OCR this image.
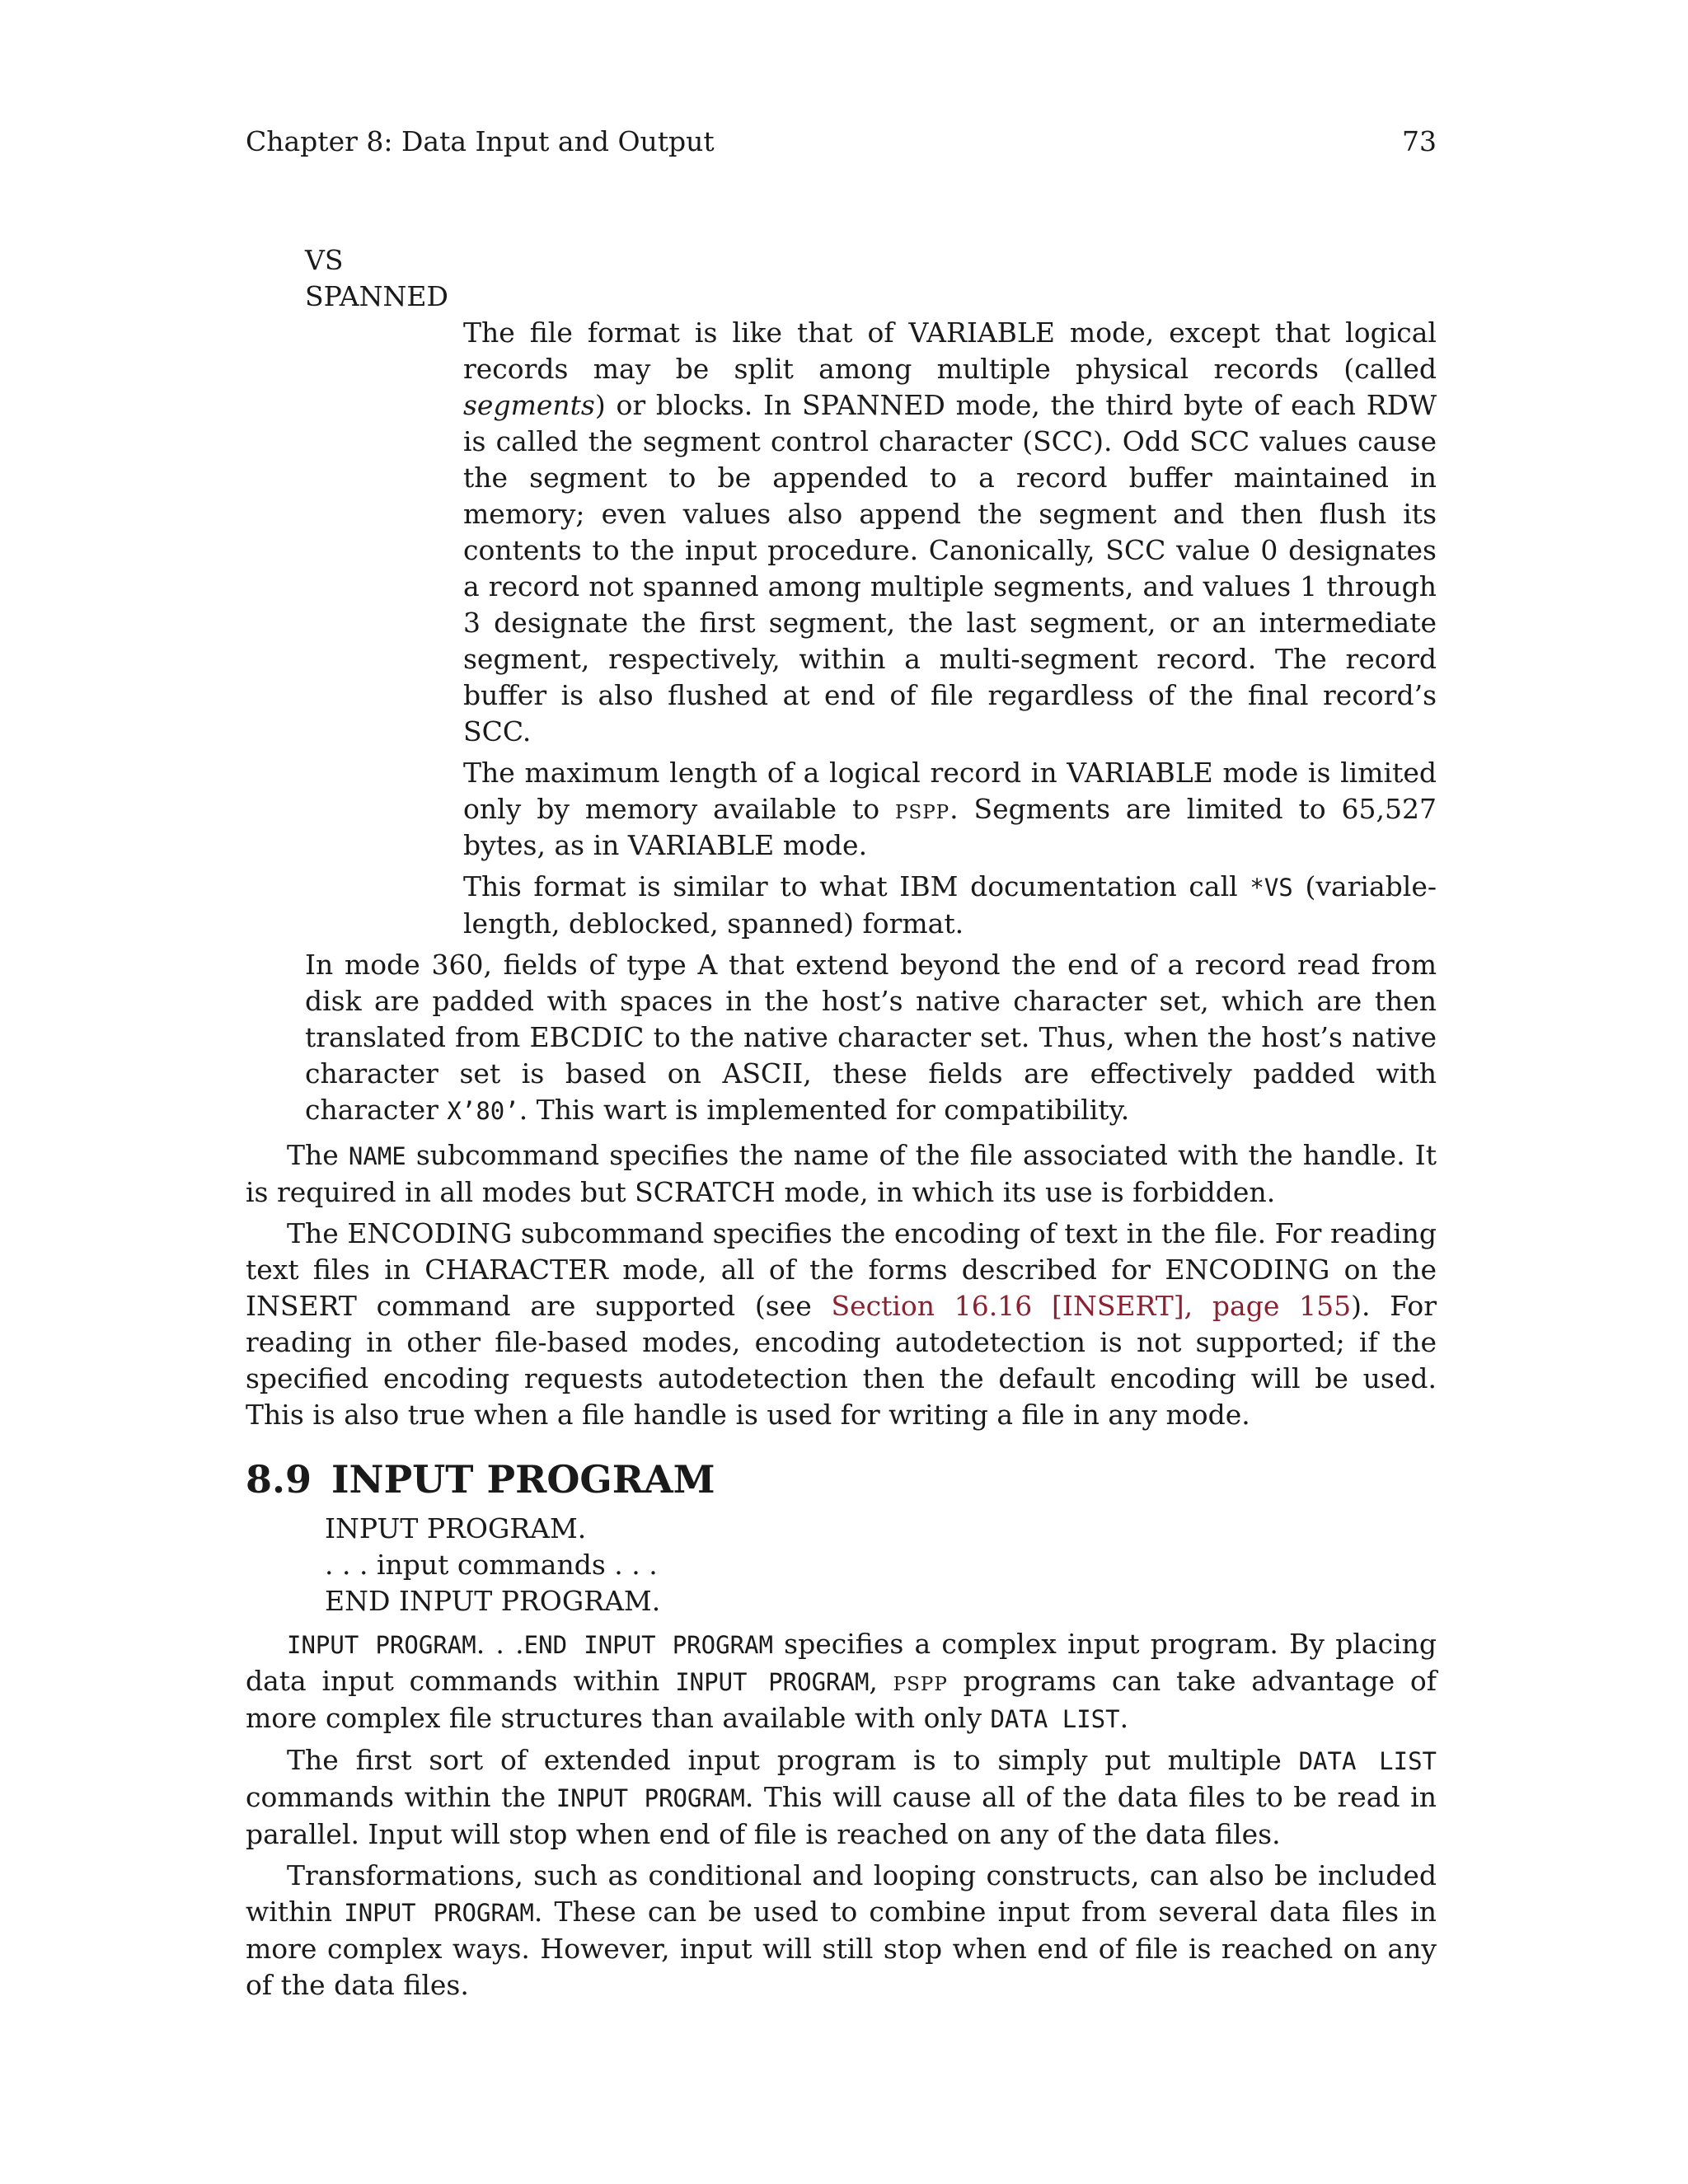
Chapter 8: Data Input and Output	73
VS
SPANNED

The file format is like that of VARIABLE mode, except that logical records may be split among multiple physical records (called segments) or blocks. In SPANNED mode, the third byte of each RDW is called the segment control character (SCC). Odd SCC values cause the segment to be appended to a record buffer maintained in memory; even values also append the segment and then flush its contents to the input procedure. Canonically, SCC value 0 designates a record not spanned among multiple segments, and values 1 through 3 designate the first segment, the last segment, or an intermediate segment, respectively, within a multi-segment record. The record buffer is also flushed at end of file regardless of the final record’s SCC.

The maximum length of a logical record in VARIABLE mode is limited only by memory available to pspp. Segments are limited to 65,527 bytes, as in VARIABLE mode.

This format is similar to what IBM documentation call *VS (variable-length, deblocked, spanned) format.

In mode 360, fields of type A that extend beyond the end of a record read from disk are padded with spaces in the host’s native character set, which are then translated from EBCDIC to the native character set. Thus, when the host’s native character set is based on ASCII, these fields are effectively padded with character X’80’. This wart is implemented for compatibility.

The NAME subcommand specifies the name of the file associated with the handle. It is required in all modes but SCRATCH mode, in which its use is forbidden.

The ENCODING subcommand specifies the encoding of text in the file. For reading text files in CHARACTER mode, all of the forms described for ENCODING on the INSERT command are supported (see Section 16.16 [INSERT], page 155). For reading in other file-based modes, encoding autodetection is not supported; if the specified encoding requests autodetection then the default encoding will be used. This is also true when a file handle is used for writing a file in any mode.

8.9 INPUT PROGRAM
INPUT PROGRAM.
. . . input commands . . .
END INPUT PROGRAM.

INPUT PROGRAM. . .END INPUT PROGRAM specifies a complex input program. By placing data input commands within INPUT PROGRAM, pspp programs can take advantage of more complex file structures than available with only DATA LIST.

The first sort of extended input program is to simply put multiple DATA LIST commands within the INPUT PROGRAM. This will cause all of the data files to be read in parallel. Input will stop when end of file is reached on any of the data files.

Transformations, such as conditional and looping constructs, can also be included within INPUT PROGRAM. These can be used to combine input from several data files in more complex ways. However, input will still stop when end of file is reached on any of the data files.
